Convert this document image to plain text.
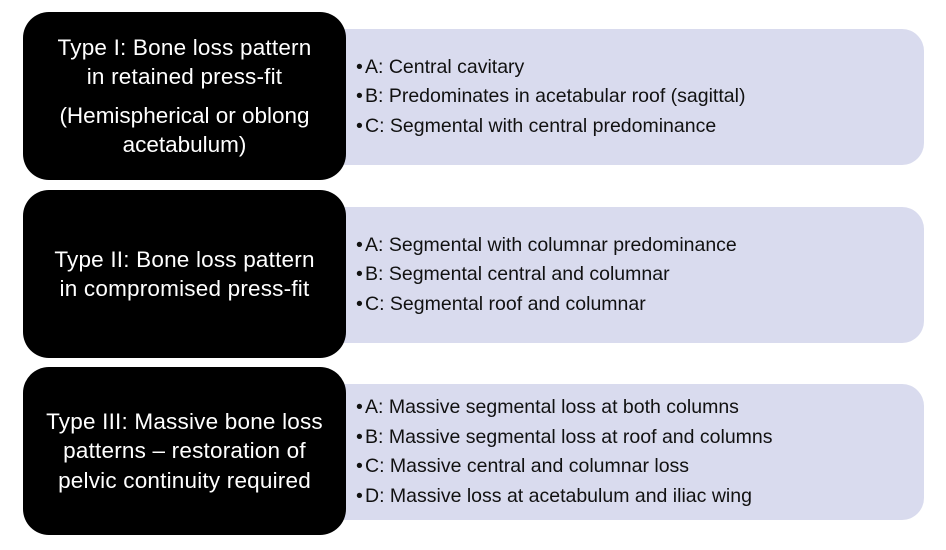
• A: Central cavitary
• B: Predominates in acetabular roof (sagittal)
• C: Segmental with central predominance
Type I: Bone loss pattern
in retained press-fit
(Hemispherical or oblong
acetabulum)
• A: Segmental with columnar predominance
• B: Segmental central and columnar
• C: Segmental roof and columnar
Type II: Bone loss pattern
in compromised press-fit
• A: Massive segmental loss at both columns
• B: Massive segmental loss at roof and columns
• C: Massive central and columnar loss
• D: Massive loss at acetabulum and iliac wing
Type III: Massive bone loss
patterns – restoration of
pelvic continuity required
